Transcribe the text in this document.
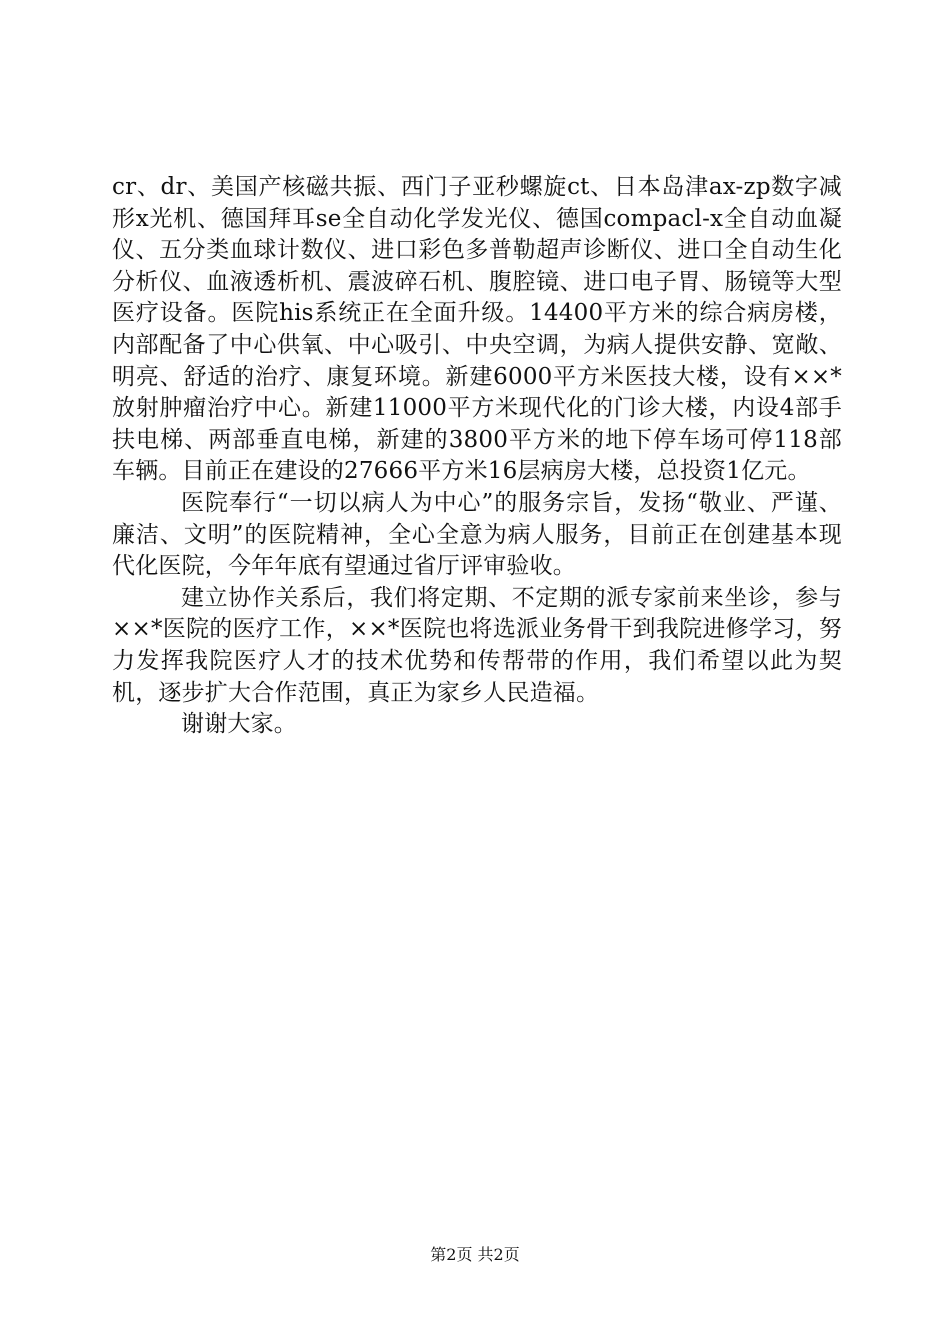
cr、dr、美国产核磁共振、西门子亚秒螺旋ct、日本岛津ax-zp数字减形x光机、德国拜耳se全自动化学发光仪、德国compacl-x全自动血凝仪、五分类血球计数仪、进口彩色多普勒超声诊断仪、进口全自动生化分析仪、血液透析机、震波碎石机、腹腔镜、进口电子胃、肠镜等大型医疗设备。医院his系统正在全面升级。14400平方米的综合病房楼，内部配备了中心供氧、中心吸引、中央空调，为病人提供安静、宽敞、明亮、舒适的治疗、康复环境。新建6000平方米医技大楼，设有××*放射肿瘤治疗中心。新建11000平方米现代化的门诊大楼，内设4部手扶电梯、两部垂直电梯，新建的3800平方米的地下停车场可停118部车辆。目前正在建设的27666平方米16层病房大楼，总投资1亿元。

医院奉行“一切以病人为中心”的服务宗旨，发扬“敬业、严谨、廉洁、文明”的医院精神，全心全意为病人服务，目前正在创建基本现代化医院，今年年底有望通过省厅评审验收。

建立协作关系后，我们将定期、不定期的派专家前来坐诊，参与××*医院的医疗工作，××*医院也将选派业务骨干到我院进修学习，努力发挥我院医疗人才的技术优势和传帮带的作用，我们希望以此为契机，逐步扩大合作范围，真正为家乡人民造福。

谢谢大家。

第2页 共2页
